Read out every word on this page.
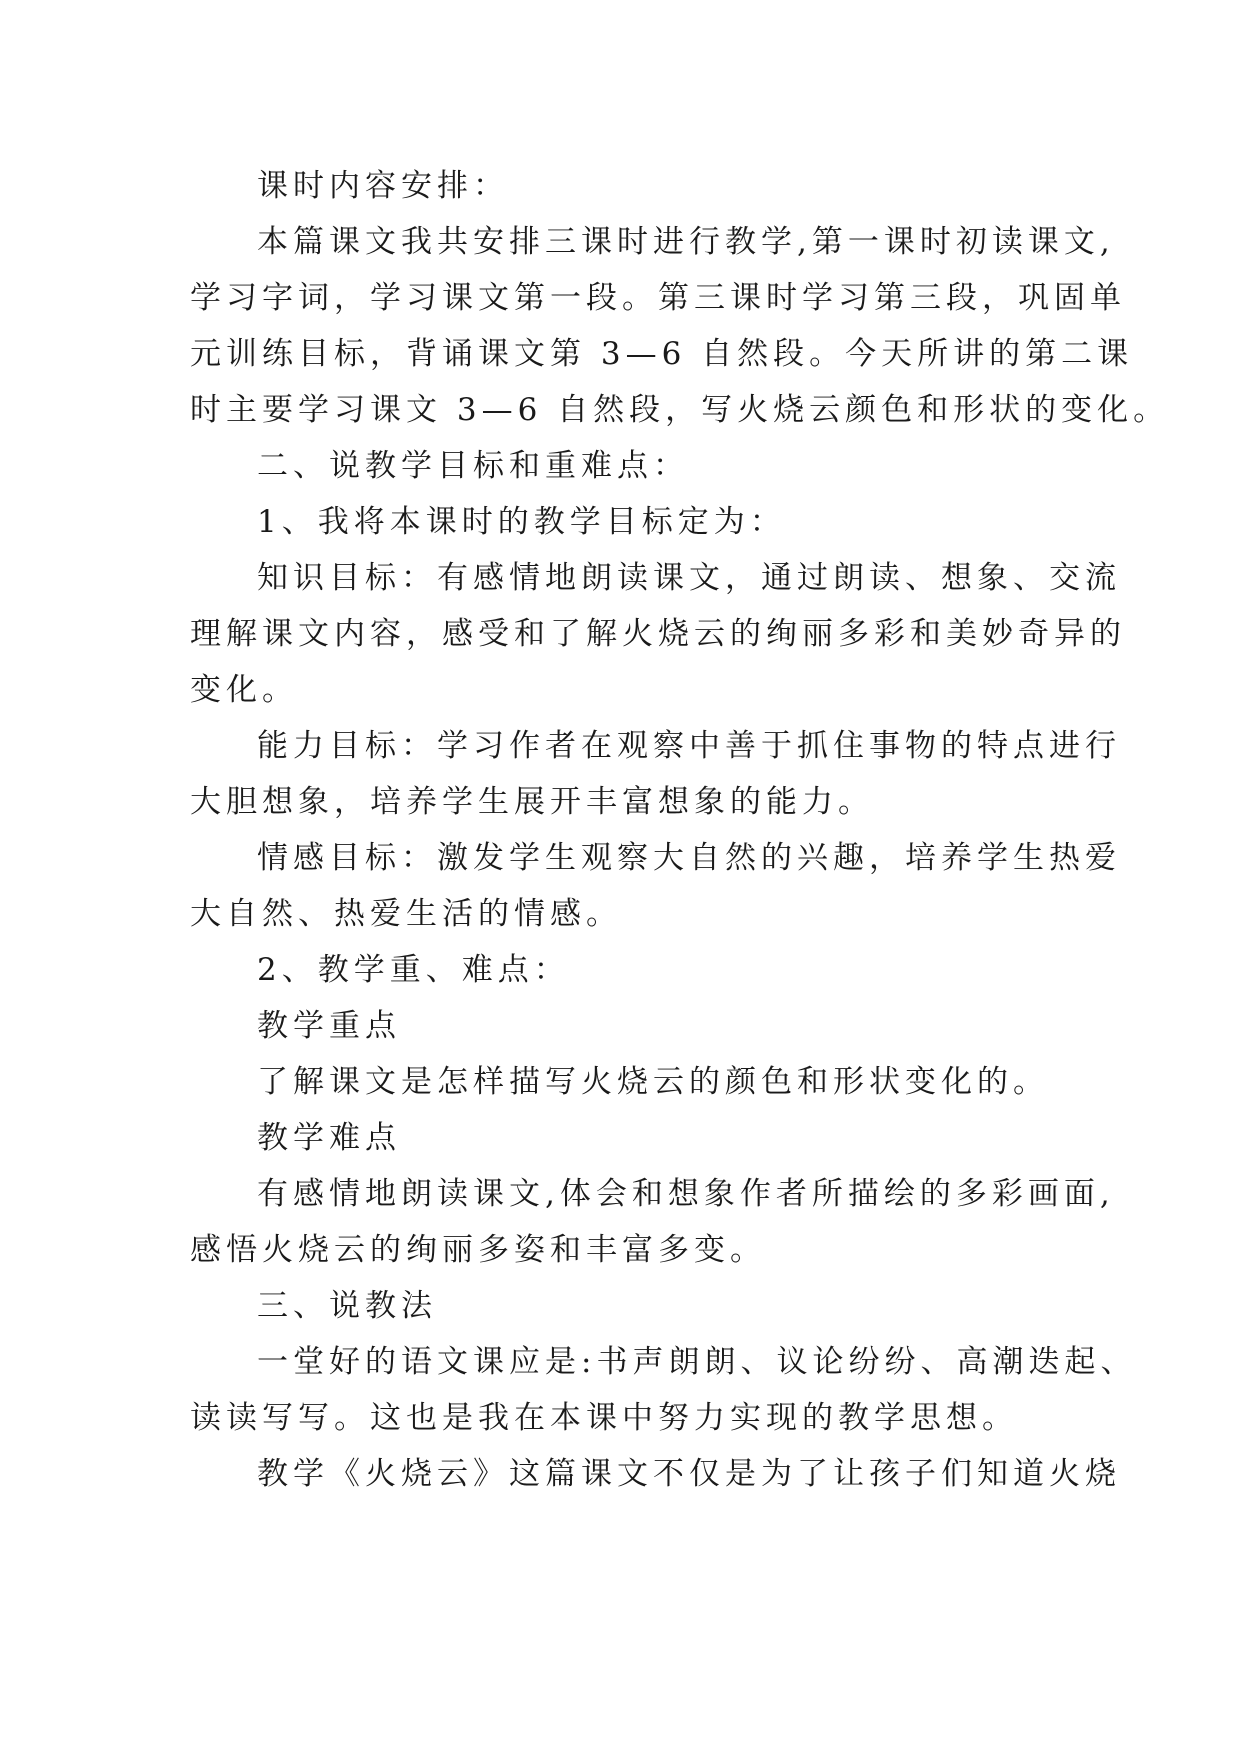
课时内容安排：
本篇课文我共安排三课时进行教学,第一课时初读课文,
学习字词，学习课文第一段。第三课时学习第三段，巩固单
元训练目标，背诵课文第 3—6 自然段。今天所讲的第二课
时主要学习课文 3—6 自然段，写火烧云颜色和形状的变化。
二、说教学目标和重难点：
1、我将本课时的教学目标定为：
知识目标：有感情地朗读课文，通过朗读、想象、交流
理解课文内容，感受和了解火烧云的绚丽多彩和美妙奇异的
变化。
能力目标：学习作者在观察中善于抓住事物的特点进行
大胆想象，培养学生展开丰富想象的能力。
情感目标：激发学生观察大自然的兴趣，培养学生热爱
大自然、热爱生活的情感。
2、教学重、难点：
教学重点
了解课文是怎样描写火烧云的颜色和形状变化的。
教学难点
有感情地朗读课文,体会和想象作者所描绘的多彩画面,
感悟火烧云的绚丽多姿和丰富多变。
三、说教法
一堂好的语文课应是:书声朗朗、议论纷纷、高潮迭起、
读读写写。这也是我在本课中努力实现的教学思想。
教学《火烧云》这篇课文不仅是为了让孩子们知道火烧
